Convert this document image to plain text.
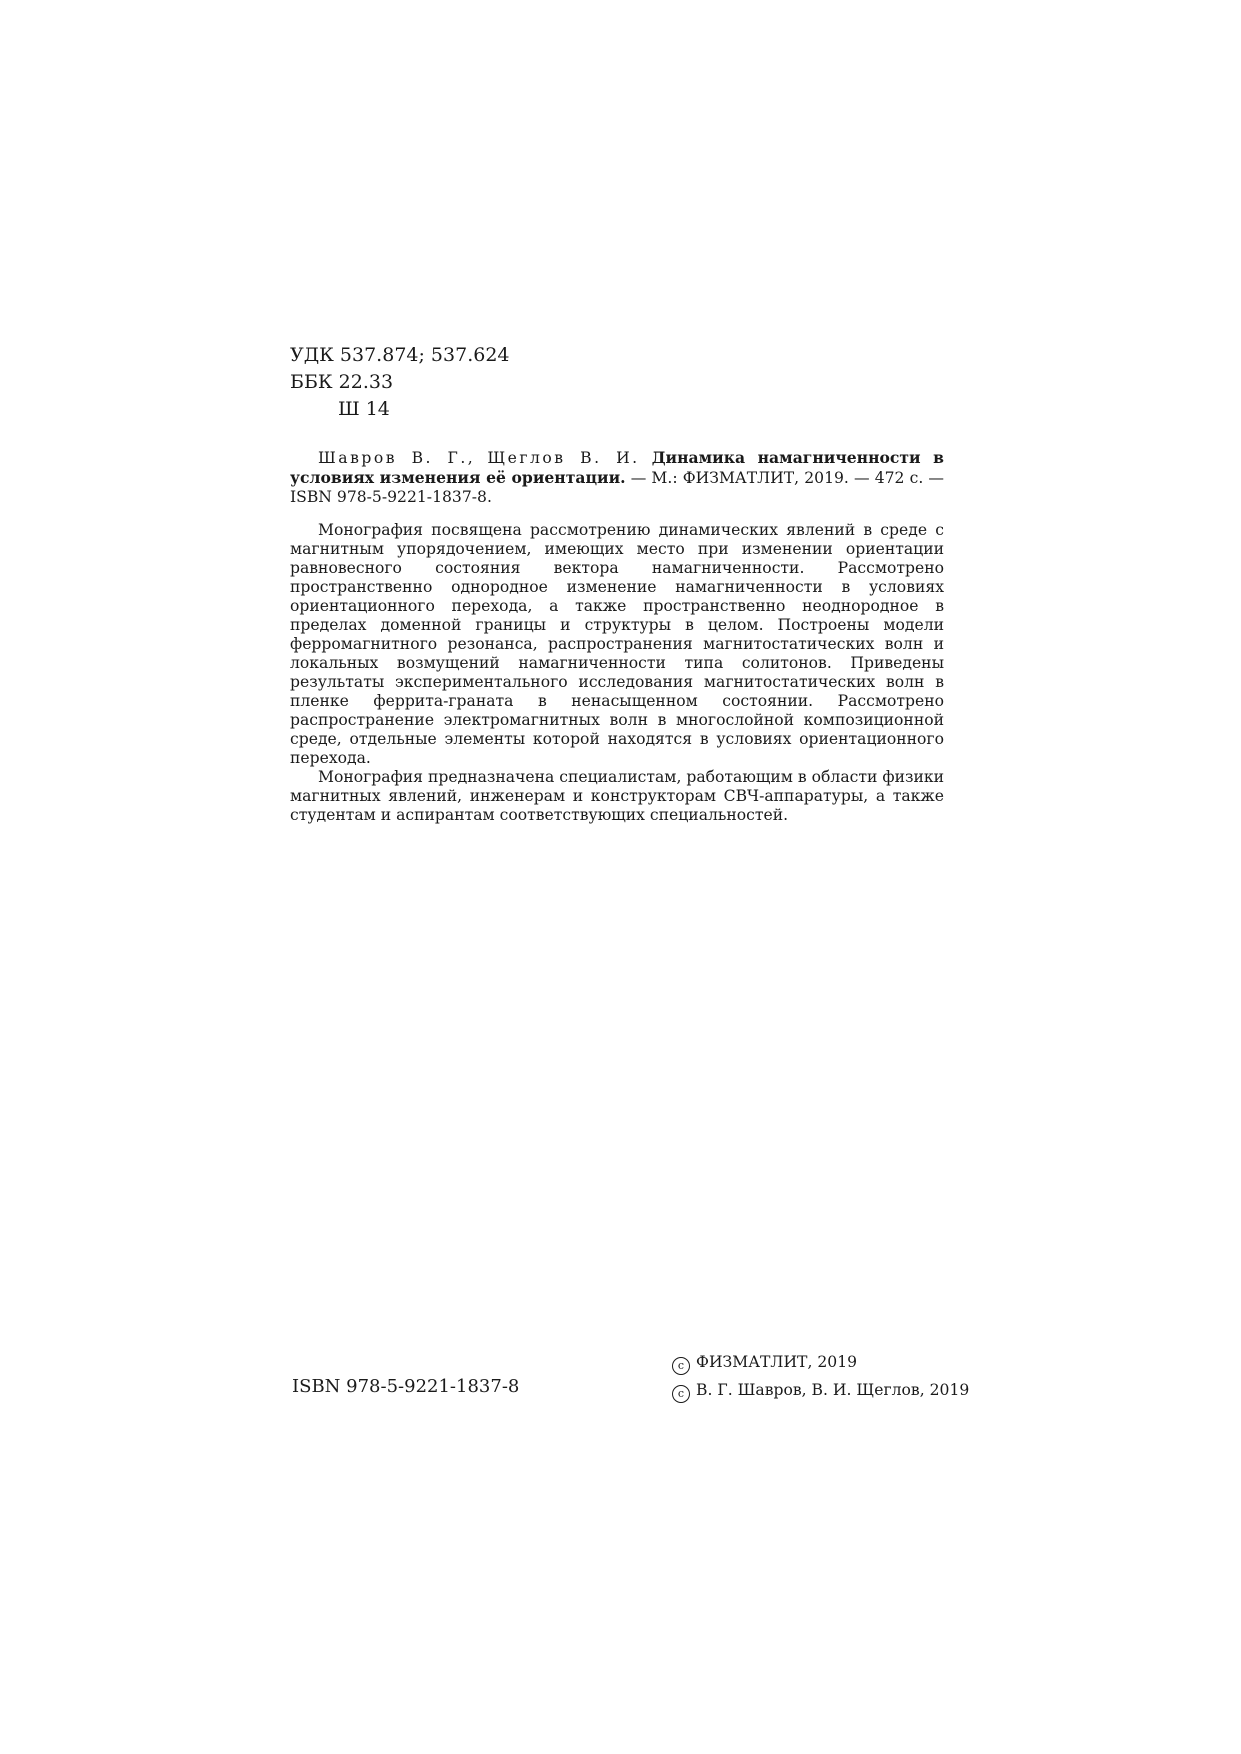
УДК 537.874; 537.624
ББК 22.33
Ш 14

Шавров В. Г., Щеглов В. И. Динамика намагниченности в условиях изменения её ориентации. — М.: ФИЗМАТЛИТ, 2019. — 472 с. — ISBN 978-5-9221-1837-8.

Монография посвящена рассмотрению динамических явлений в среде с магнитным упорядочением, имеющих место при изменении ориентации равновесного состояния вектора намагниченности. Рассмотрено пространственно однородное изменение намагниченности в условиях ориентационного перехода, а также пространственно неоднородное в пределах доменной границы и структуры в целом. Построены модели ферромагнитного резонанса, распространения магнитостатических волн и локальных возмущений намагниченности типа солитонов. Приведены результаты экспериментального исследования магнитостатических волн в пленке феррита-граната в ненасыщенном состоянии. Рассмотрено распространение электромагнитных волн в многослойной композиционной среде, отдельные элементы которой находятся в условиях ориентационного перехода.

Монография предназначена специалистам, работающим в области физики магнитных явлений, инженерам и конструкторам СВЧ-аппаратуры, а также студентам и аспирантам соответствующих специальностей.

ISBN 978-5-9221-1837-8
c ФИЗМАТЛИТ, 2019
c В. Г. Шавров, В. И. Щеглов, 2019
